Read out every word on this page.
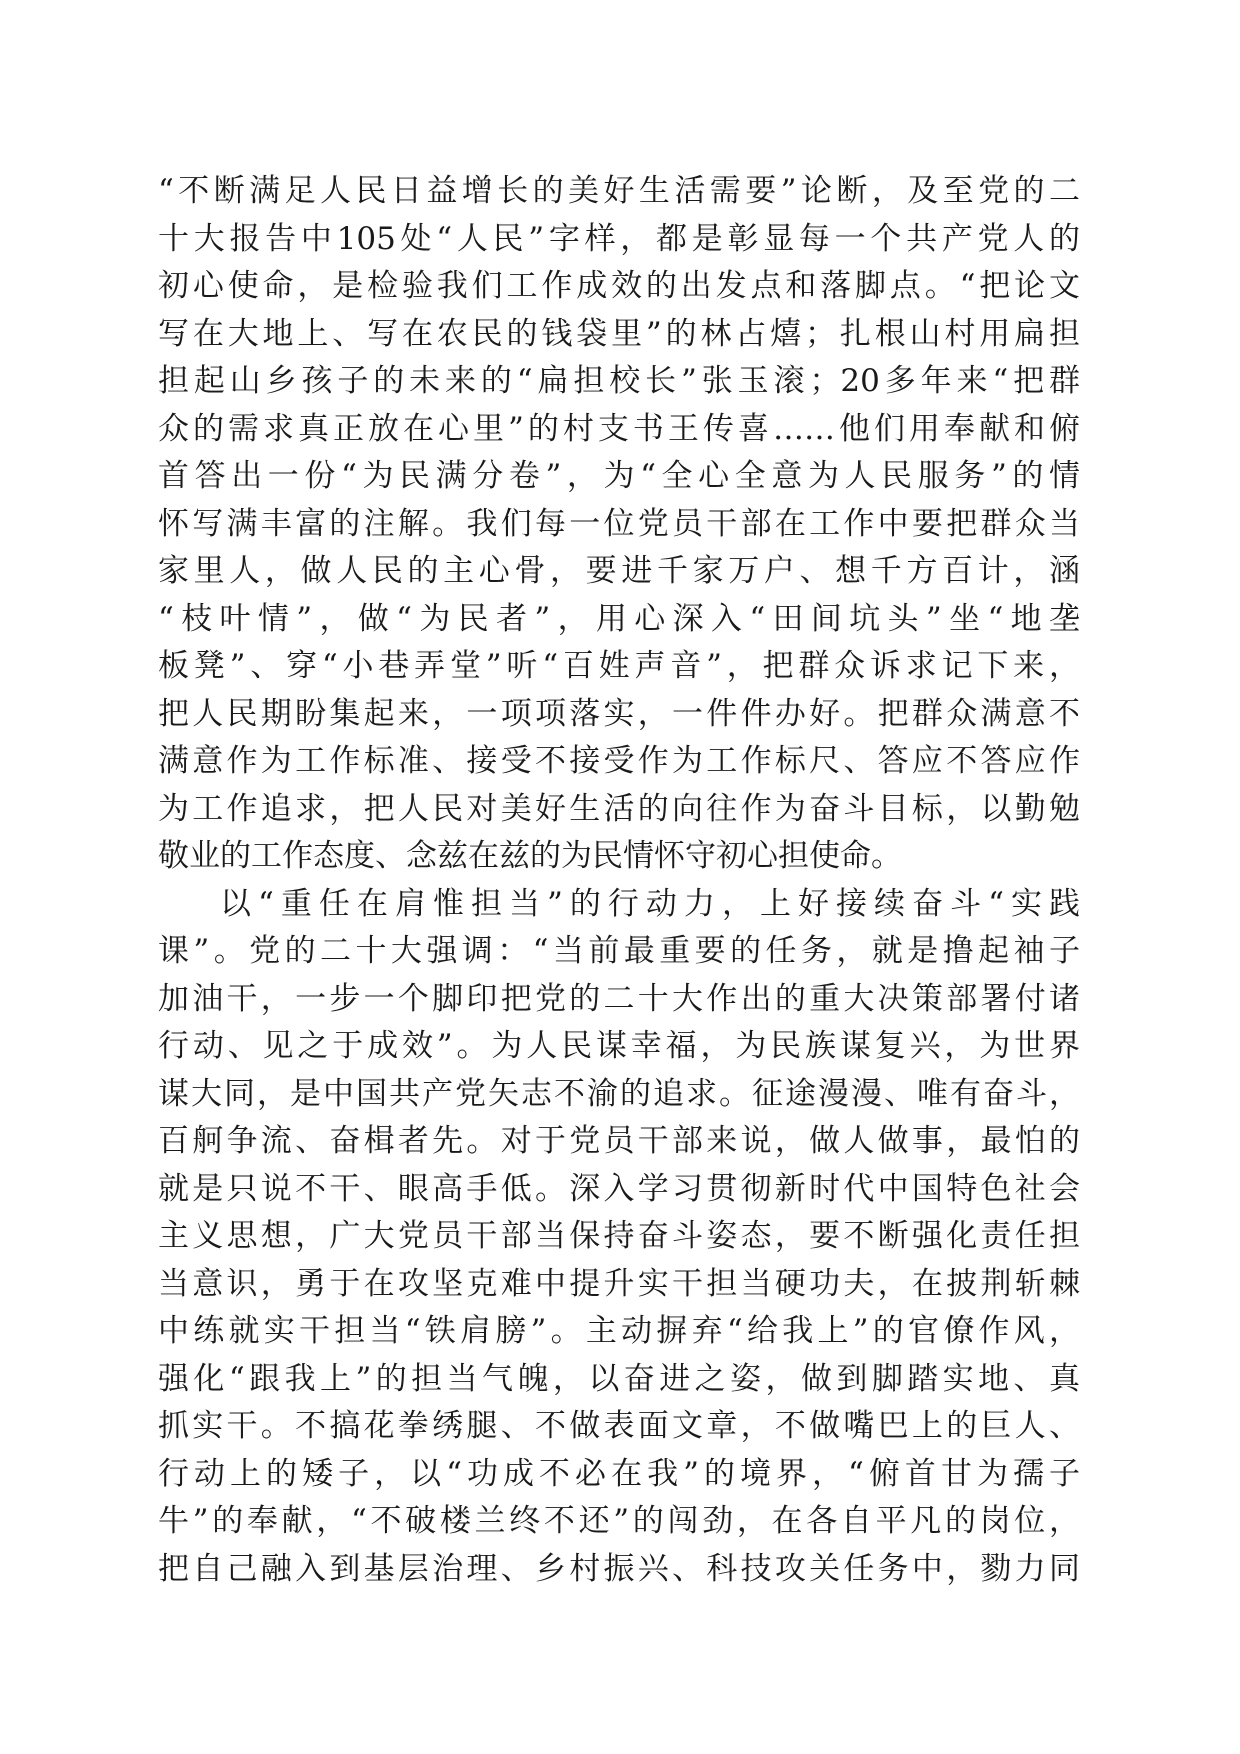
“不断满足人民日益增长的美好生活需要”论断，及至党的二
十大报告中105处“人民”字样，都是彰显每一个共产党人的
初心使命，是检验我们工作成效的出发点和落脚点。“把论文
写在大地上、写在农民的钱袋里”的林占熺；扎根山村用扁担
担起山乡孩子的未来的“扁担校长”张玉滚；20多年来“把群
众的需求真正放在心里”的村支书王传喜……他们用奉献和俯
首答出一份“为民满分卷”，为“全心全意为人民服务”的情
怀写满丰富的注解。我们每一位党员干部在工作中要把群众当
家里人，做人民的主心骨，要进千家万户、想千方百计，涵
“枝叶情”，做“为民者”，用心深入“田间坑头”坐“地垄
板凳”、穿“小巷弄堂”听“百姓声音”，把群众诉求记下来，
把人民期盼集起来，一项项落实，一件件办好。把群众满意不
满意作为工作标准、接受不接受作为工作标尺、答应不答应作
为工作追求，把人民对美好生活的向往作为奋斗目标，以勤勉
敬业的工作态度、念兹在兹的为民情怀守初心担使命。
以“重任在肩惟担当”的行动力，上好接续奋斗“实践
课”。党的二十大强调：“当前最重要的任务，就是撸起袖子
加油干，一步一个脚印把党的二十大作出的重大决策部署付诸
行动、见之于成效”。为人民谋幸福，为民族谋复兴，为世界
谋大同，是中国共产党矢志不渝的追求。征途漫漫、唯有奋斗，
百舸争流、奋楫者先。对于党员干部来说，做人做事，最怕的
就是只说不干、眼高手低。深入学习贯彻新时代中国特色社会
主义思想，广大党员干部当保持奋斗姿态，要不断强化责任担
当意识，勇于在攻坚克难中提升实干担当硬功夫，在披荆斩棘
中练就实干担当“铁肩膀”。主动摒弃“给我上”的官僚作风，
强化“跟我上”的担当气魄，以奋进之姿，做到脚踏实地、真
抓实干。不搞花拳绣腿、不做表面文章，不做嘴巴上的巨人、
行动上的矮子，以“功成不必在我”的境界，“俯首甘为孺子
牛”的奉献，“不破楼兰终不还”的闯劲，在各自平凡的岗位，
把自己融入到基层治理、乡村振兴、科技攻关任务中，勠力同
